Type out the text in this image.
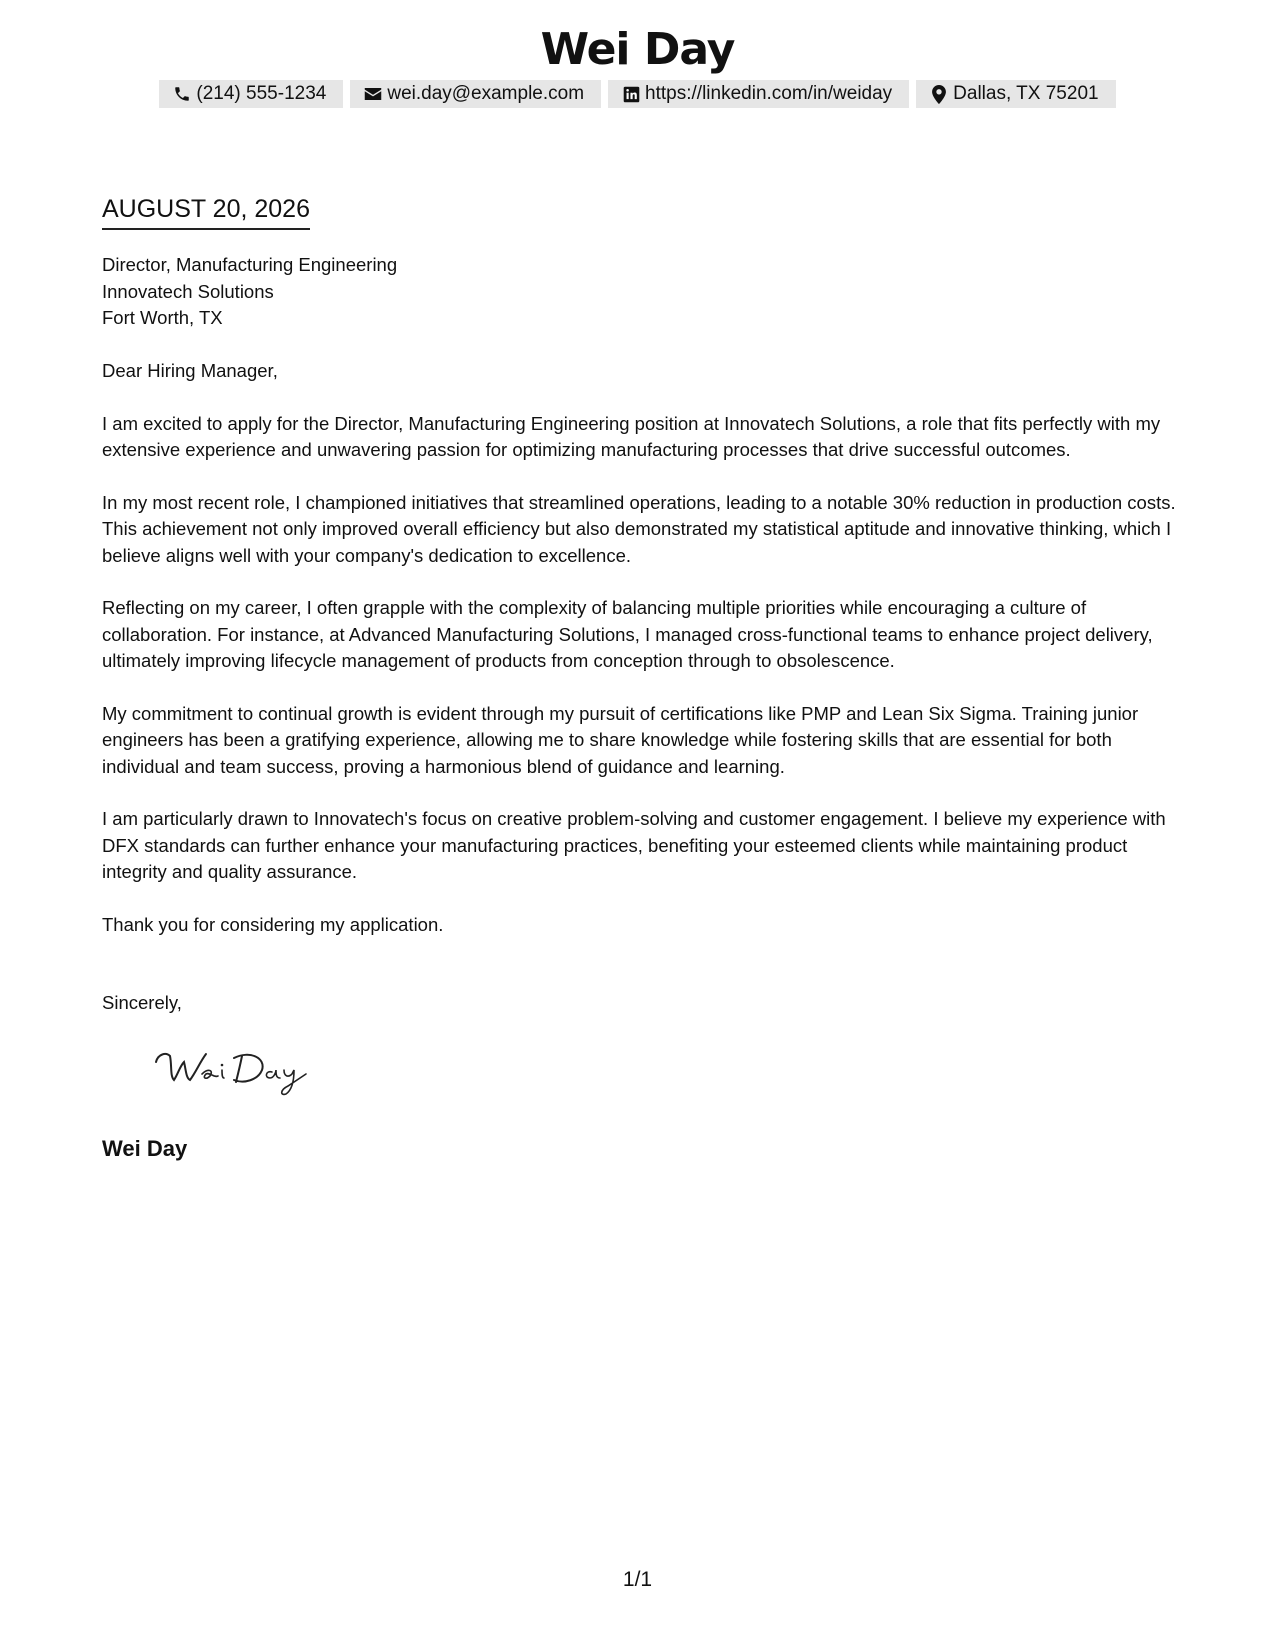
Wei Day
(214) 555-1234	wei.day@example.com	https://linkedin.com/in/weiday	Dallas, TX 75201
AUGUST 20, 2026
Director, Manufacturing Engineering
Innovatech Solutions
Fort Worth, TX

Dear Hiring Manager,

I am excited to apply for the Director, Manufacturing Engineering position at Innovatech Solutions, a role that fits perfectly with my extensive experience and unwavering passion for optimizing manufacturing processes that drive successful outcomes.

In my most recent role, I championed initiatives that streamlined operations, leading to a notable 30% reduction in production costs. This achievement not only improved overall efficiency but also demonstrated my statistical aptitude and innovative thinking, which I believe aligns well with your company's dedication to excellence.

Reflecting on my career, I often grapple with the complexity of balancing multiple priorities while encouraging a culture of collaboration. For instance, at Advanced Manufacturing Solutions, I managed cross-functional teams to enhance project delivery, ultimately improving lifecycle management of products from conception through to obsolescence.

My commitment to continual growth is evident through my pursuit of certifications like PMP and Lean Six Sigma. Training junior engineers has been a gratifying experience, allowing me to share knowledge while fostering skills that are essential for both individual and team success, proving a harmonious blend of guidance and learning.

I am particularly drawn to Innovatech's focus on creative problem-solving and customer engagement. I believe my experience with DFX standards can further enhance your manufacturing practices, benefiting your esteemed clients while maintaining product integrity and quality assurance.

Thank you for considering my application.

Sincerely,
Wei Day
1/1
